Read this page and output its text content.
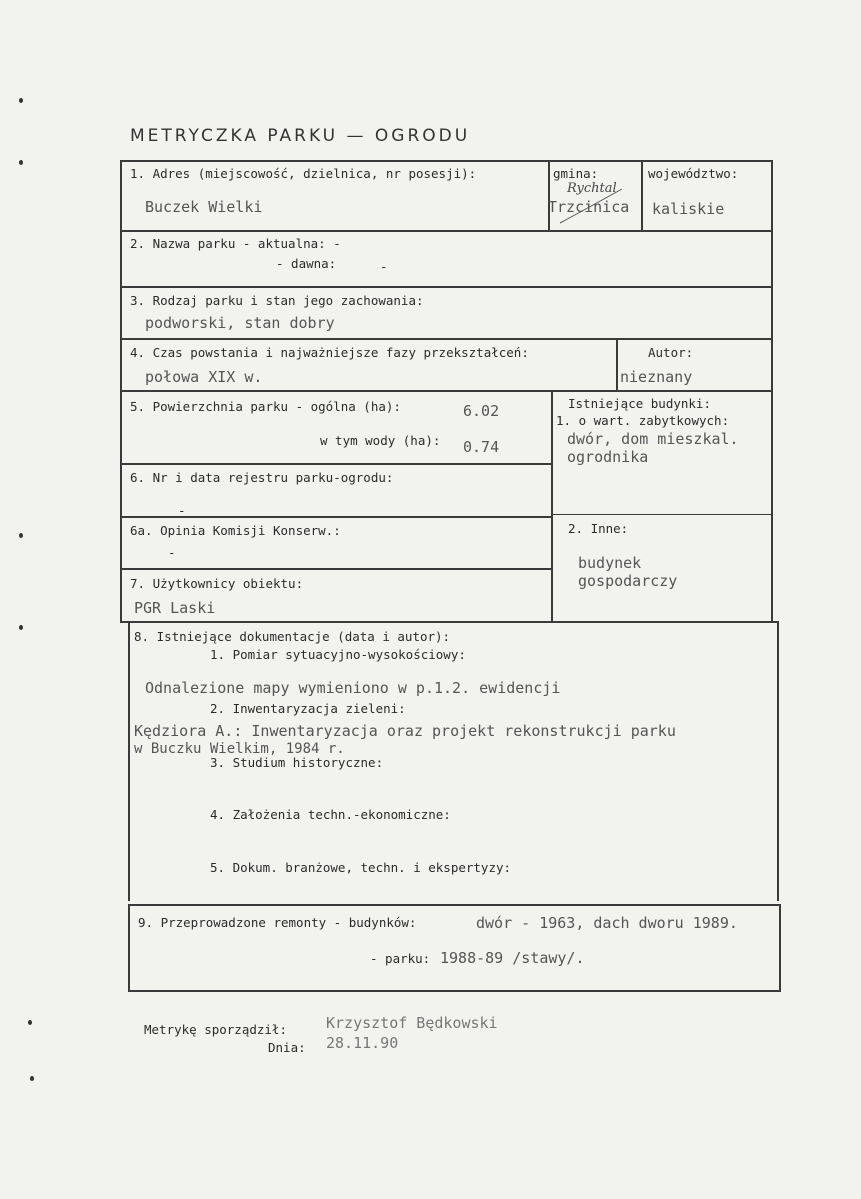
METRYCZKA PARKU — OGRODU
1. Adres (miejscowość, dzielnica, nr posesji):
Buczek Wielki
gmina:
Rychtal
Trzcinica
województwo:
kaliskie
2. Nazwa parku - aktualna: -
- dawna:	-
3. Rodzaj parku i stan jego zachowania:
podworski, stan dobry
4. Czas powstania i najważniejsze fazy przekształceń:
połowa XIX w.
Autor:
nieznany
5. Powierzchnia parku - ogólna (ha):	6.02
w tym wody (ha): 0.74
Istniejące budynki:
1. o wart. zabytkowych:
dwór, dom mieszkal.
ogrodnika
2. Inne:
budynek
gospodarczy
6. Nr i data rejestru parku-ogrodu:
-
6a. Opinia Komisji Konserw.:
-
7. Użytkownicy obiektu:
PGR Laski
8. Istniejące dokumentacje (data i autor):
1. Pomiar sytuacyjno-wysokościowy:
Odnalezione mapy wymieniono w p.1.2. ewidencji
2. Inwentaryzacja zieleni:
Kędziora A.: Inwentaryzacja oraz projekt rekonstrukcji parku
w Buczku Wielkim, 1984 r.
3. Studium historyczne:
4. Założenia techn.-ekonomiczne:
5. Dokum. branżowe, techn. i ekspertyzy:
9. Przeprowadzone remonty - budynków:	dwór - 1963, dach dworu 1989.
- parku: 1988-89 /stawy/.
Metrykę sporządził:	Krzysztof Będkowski
Dnia: 28.11.90
